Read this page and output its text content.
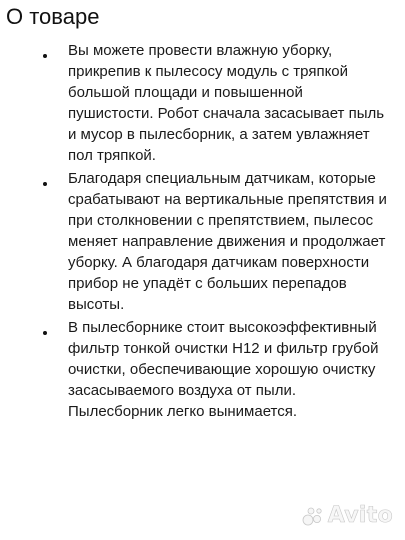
О товаре
Вы можете провести влажную уборку, прикрепив к пылесосу модуль с тряпкой большой площади и повышенной пушистости. Робот сначала засасывает пыль и мусор в пылесборник, а затем увлажняет пол тряпкой.
Благодаря специальным датчикам, которые срабатывают на вертикальные препятствия и при столкновении с препятствием, пылесос меняет направление движения и продолжает уборку. А благодаря датчикам поверхности прибор не упадёт с больших перепадов высоты.
В пылесборнике стоит высокоэффективный фильтр тонкой очистки H12 и фильтр грубой очистки, обеспечивающие хорошую очистку засасываемого воздуха от пыли. Пылесборник легко вынимается.
Avito
